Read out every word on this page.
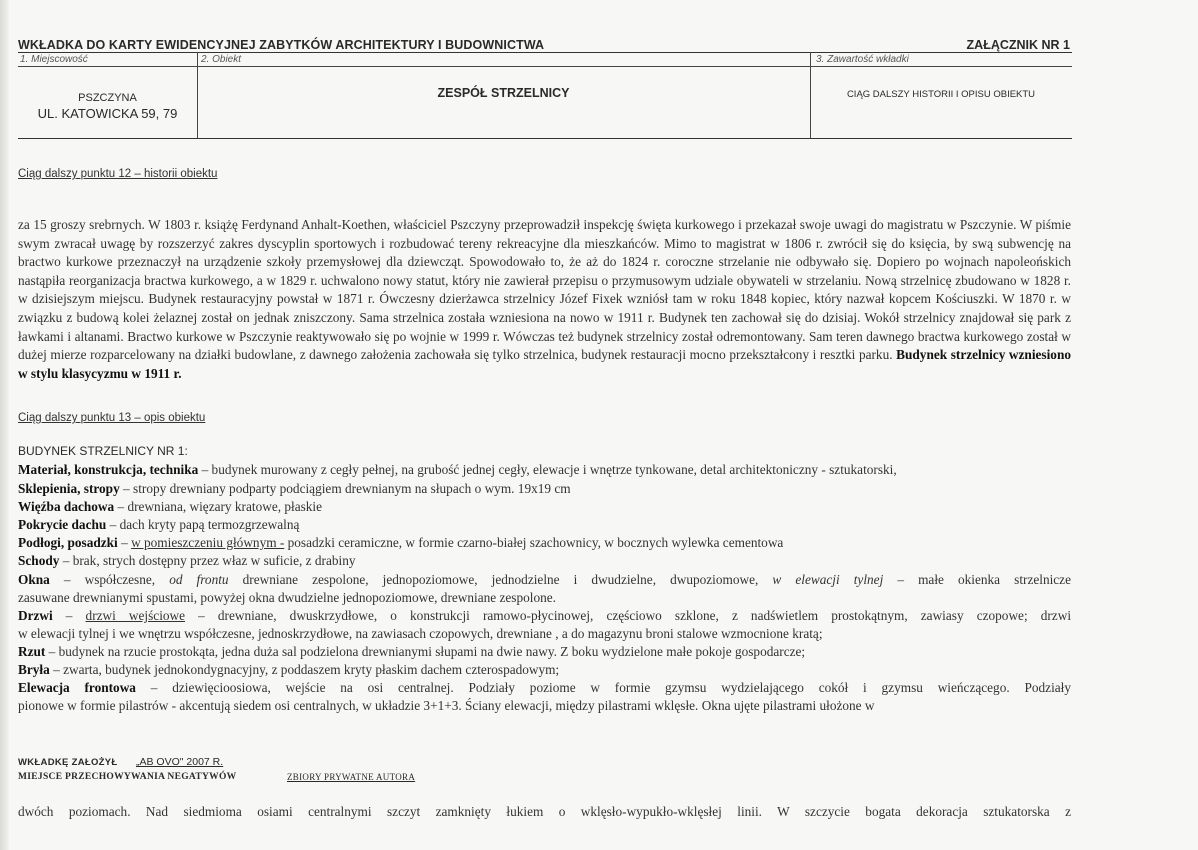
WKŁADKA DO KARTY EWIDENCYJNEJ ZABYTKÓW ARCHITEKTURY I BUDOWNICTWA	ZAŁĄCZNIK NR 1
1. Miejscowość
PSZCZYNA
UL. KATOWICKA 59, 79
2. Obiekt
ZESPÓŁ STRZELNICY
3. Zawartość wkładki
CIĄG DALSZY HISTORII I OPISU OBIEKTU
Ciąg dalszy punktu 12 – historii obiektu
za 15 groszy srebrnych. W 1803 r. książę Ferdynand Anhalt-Koethen, właściciel Pszczyny przeprowadził inspekcję święta kurkowego i przekazał swoje uwagi do magistratu w Pszczynie. W piśmie swym zwracał uwagę by rozszerzyć zakres dyscyplin sportowych i rozbudować tereny rekreacyjne dla mieszkańców. Mimo to magistrat w 1806 r. zwrócił się do księcia, by swą subwencję na bractwo kurkowe przeznaczył na urządzenie szkoły przemysłowej dla dziewcząt. Spowodowało to, że aż do 1824 r. coroczne strzelanie nie odbywało się. Dopiero po wojnach napoleońskich nastąpiła reorganizacja bractwa kurkowego, a w 1829 r. uchwalono nowy statut, który nie zawierał przepisu o przymusowym udziale obywateli w strzelaniu. Nową strzelnicę zbudowano w 1828 r. w dzisiejszym miejscu. Budynek restauracyjny powstał w 1871 r. Ówczesny dzierżawca strzelnicy Józef Fixek wzniósł tam w roku 1848 kopiec, który nazwał kopcem Kościuszki. W 1870 r. w związku z budową kolei żelaznej został on jednak zniszczony. Sama strzelnica została wzniesiona na nowo w 1911 r. Budynek ten zachował się do dzisiaj. Wokół strzelnicy znajdował się park z ławkami i altanami. Bractwo kurkowe w Pszczynie reaktywowało się po wojnie w 1999 r. Wówczas też budynek strzelnicy został odremontowany. Sam teren dawnego bractwa kurkowego został w dużej mierze rozparcelowany na działki budowlane, z dawnego założenia zachowała się tylko strzelnica, budynek restauracji mocno przekształcony i resztki parku. Budynek strzelnicy wzniesiono w stylu klasycyzmu w 1911 r.
Ciąg dalszy punktu 13 – opis obiektu
BUDYNEK STRZELNICY NR 1:
Materiał, konstrukcja, technika – budynek murowany z cegły pełnej, na grubość jednej cegły, elewacje i wnętrze tynkowane, detal architektoniczny - sztukatorski,
Sklepienia, stropy – stropy drewniany podparty podciągiem drewnianym na słupach o wym. 19x19 cm
Więźba dachowa – drewniana, więzary kratowe, płaskie
Pokrycie dachu – dach kryty papą termozgrzewalną
Podłogi, posadzki – w pomieszczeniu głównym - posadzki ceramiczne, w formie czarno-białej szachownicy, w bocznych wylewka cementowa
Schody – brak, strych dostępny przez właz w suficie, z drabiny
Okna – współczesne, od frontu drewniane zespolone, jednopoziomowe, jednodzielne i dwudzielne, dwupoziomowe, w elewacji tylnej – małe okienka strzelnicze
zasuwane drewnianymi spustami, powyżej okna dwudzielne jednopoziomowe, drewniane zespolone.
Drzwi – drzwi wejściowe – drewniane, dwuskrzydłowe, o konstrukcji ramowo-płycinowej, częściowo szklone, z nadświetlem prostokątnym, zawiasy czopowe; drzwi
w elewacji tylnej i we wnętrzu współczesne, jednoskrzydłowe, na zawiasach czopowych, drewniane , a do magazynu broni stalowe wzmocnione kratą;
Rzut – budynek na rzucie prostokąta, jedna duża sal podzielona drewnianymi słupami na dwie nawy. Z boku wydzielone małe pokoje gospodarcze;
Bryła – zwarta, budynek jednokondygnacyjny, z poddaszem kryty płaskim dachem czterospadowym;
Elewacja frontowa – dziewięcioosiowa, wejście na osi centralnej. Podziały poziome w formie gzymsu wydzielającego cokół i gzymsu wieńczącego. Podziały
pionowe w formie pilastrów - akcentują siedem osi centralnych, w układzie 3+1+3. Ściany elewacji, między pilastrami wklęsłe. Okna ujęte pilastrami ułożone w
WKŁADKĘ ZAŁOŻYŁ „AB OVO" 2007 R.
MIEJSCE PRZECHOWYWANIA NEGATYWÓW	ZBIORY PRYWATNE AUTORA
dwóch poziomach. Nad siedmioma osiami centralnymi szczyt zamknięty łukiem o wklęsło-wypukło-wklęsłej linii. W szczycie bogata dekoracja sztukatorska z
